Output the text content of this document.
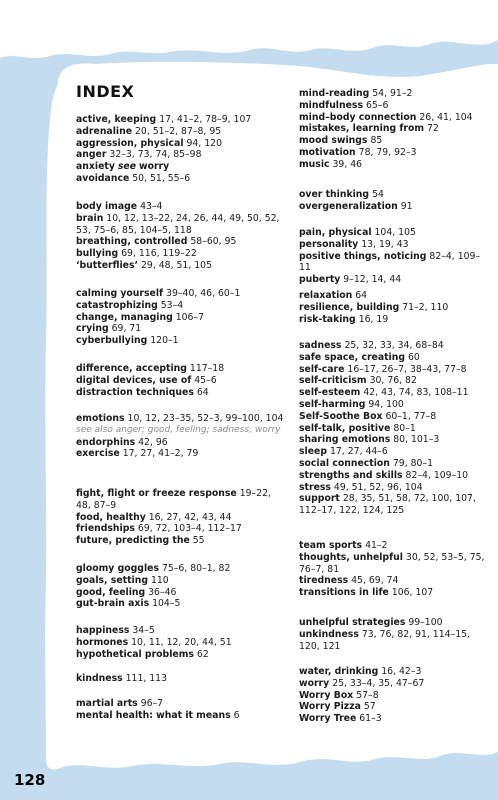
INDEX
active, keeping 17, 41–2, 78–9, 107
adrenaline 20, 51–2, 87–8, 95
aggression, physical 94, 120
anger 32–3, 73, 74, 85–98
anxiety see worry
avoidance 50, 51, 55–6
body image 43–4
brain 10, 12, 13–22, 24, 26, 44, 49, 50, 52, 53, 75–6, 85, 104–5, 118
breathing, controlled 58–60, 95
bullying 69, 116, 119–22
‘butterflies’ 29, 48, 51, 105
calming yourself 39–40, 46, 60–1
catastrophizing 53–4
change, managing 106–7
crying 69, 71
cyberbullying 120–1
difference, accepting 117–18
digital devices, use of 45–6
distraction techniques 64
emotions 10, 12, 23–35, 52–3, 99–100, 104
see also anger; good, feeling; sadness; worry
endorphins 42, 96
exercise 17, 27, 41–2, 79
fight, flight or freeze response 19–22, 48, 87–9
food, healthy 16, 27, 42, 43, 44
friendships 69, 72, 103–4, 112–17
future, predicting the 55
gloomy goggles 75–6, 80–1, 82
goals, setting 110
good, feeling 36–46
gut-brain axis 104–5
happiness 34–5
hormones 10, 11, 12, 20, 44, 51
hypothetical problems 62
kindness 111, 113
martial arts 96–7
mental health: what it means 6
mind-reading 54, 91–2
mindfulness 65–6
mind–body connection 26, 41, 104
mistakes, learning from 72
mood swings 85
motivation 78, 79, 92–3
music 39, 46
over thinking 54
overgeneralization 91
pain, physical 104, 105
personality 13, 19, 43
positive things, noticing 82–4, 109–11
puberty 9–12, 14, 44
relaxation 64
resilience, building 71–2, 110
risk-taking 16, 19
sadness 25, 32, 33, 34, 68–84
safe space, creating 60
self-care 16–17, 26–7, 38–43, 77–8
self-criticism 30, 76, 82
self-esteem 42, 43, 74, 83, 108–11
self-harming 94, 100
Self-Soothe Box 60–1, 77–8
self-talk, positive 80–1
sharing emotions 80, 101–3
sleep 17, 27, 44–6
social connection 79, 80–1
strengths and skills 82–4, 109–10
stress 49, 51, 52, 96, 104
support 28, 35, 51, 58, 72, 100, 107, 112–17, 122, 124, 125
team sports 41–2
thoughts, unhelpful 30, 52, 53–5, 75, 76–7, 81
tiredness 45, 69, 74
transitions in life 106, 107
unhelpful strategies 99–100
unkindness 73, 76, 82, 91, 114–15, 120, 121
water, drinking 16, 42–3
worry 25, 33–4, 35, 47–67
Worry Box 57–8
Worry Pizza 57
Worry Tree 61–3
128
